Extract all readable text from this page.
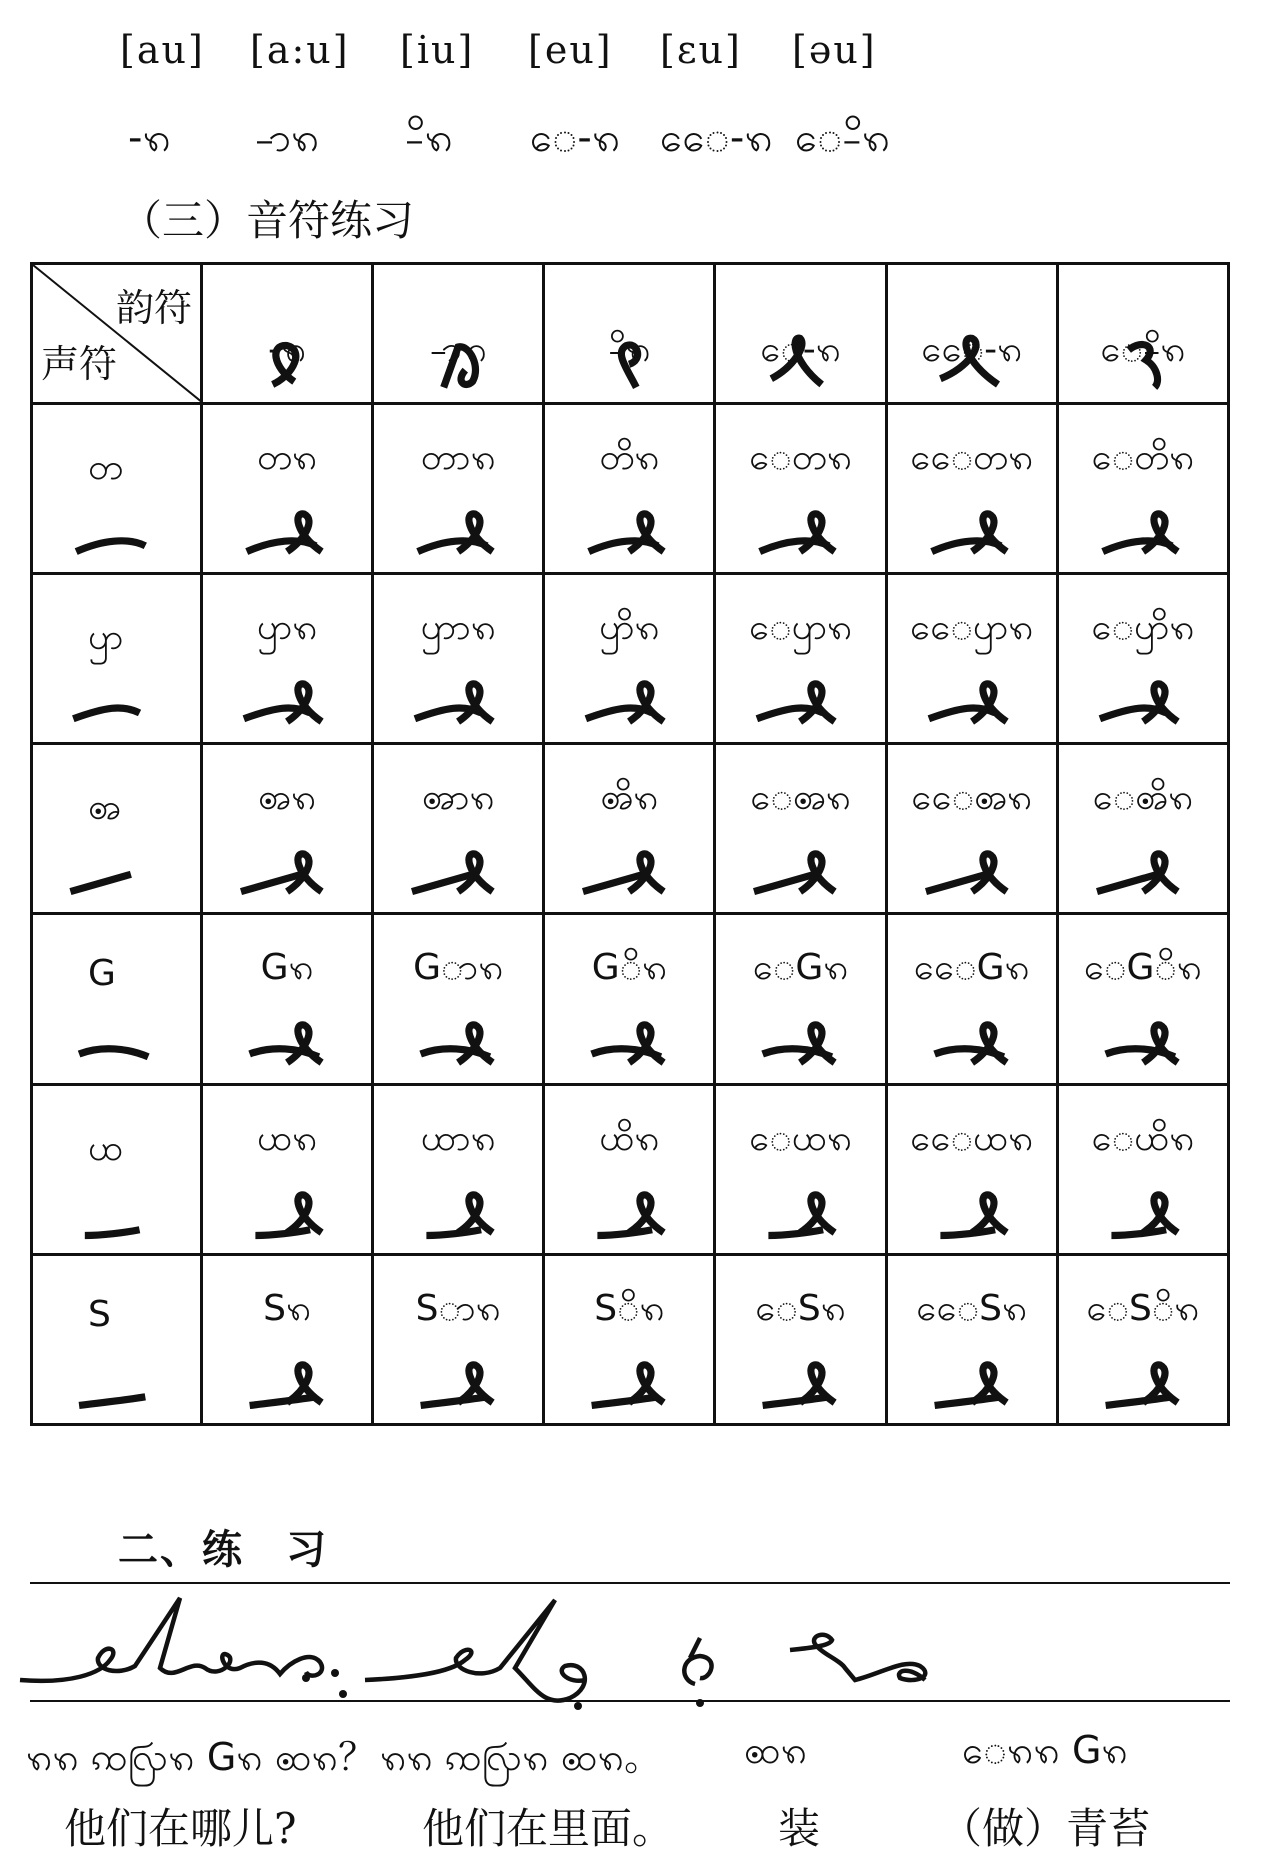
[au] [a:u] [iu] [eu] [εu] [əu]
-ꩫ -ာꩫ -ိꩫ ေ-ꩫ ေေ-ꩫ ေ-ိꩫ
（三）音符练习
韵符
声符	-ꩫ	-ာꩫ	-ိꩫ	ေ-ꩫ	ေေ-ꩫ	ေ-ိꩫ

တ	တꩫ	တာꩫ	တိꩫ	ေတꩫ	ေေတꩫ	ေတိꩫ

ꩥ	ꩥꩫ	ꩥာꩫ	ꩥိꩫ	ေꩥꩫ	ေေꩥꩫ	ေꩥိꩫ

ꩨ	ꩨꩫ	ꩨာꩫ	ꩨိꩫ	ေꩨꩫ	ေေꩨꩫ	ေꩨိꩫ

G	Gꩫ	Gာꩫ	Gိꩫ	ေGꩫ	ေေGꩫ	ေGိꩫ

ꩤ	ꩤꩫ	ꩤာꩫ	ꩤိꩫ	ေꩤꩫ	ေေꩤꩫ	ေꩤိꩫ

S	Sꩫ	Sာꩫ	Sိꩫ	ေSꩫ	ေေSꩫ	ေSိꩫ
二、练　习
ꩫꩫ ꩡꩺꩫ Gꩫ ꩧꩫ？ ꩫꩫ ꩡꩺꩫ ꩧꩫ。 ꩧꩫ	ေꩫꩫ Gꩫ
他们在哪儿?	他们在里面。 装	（做）青苔
